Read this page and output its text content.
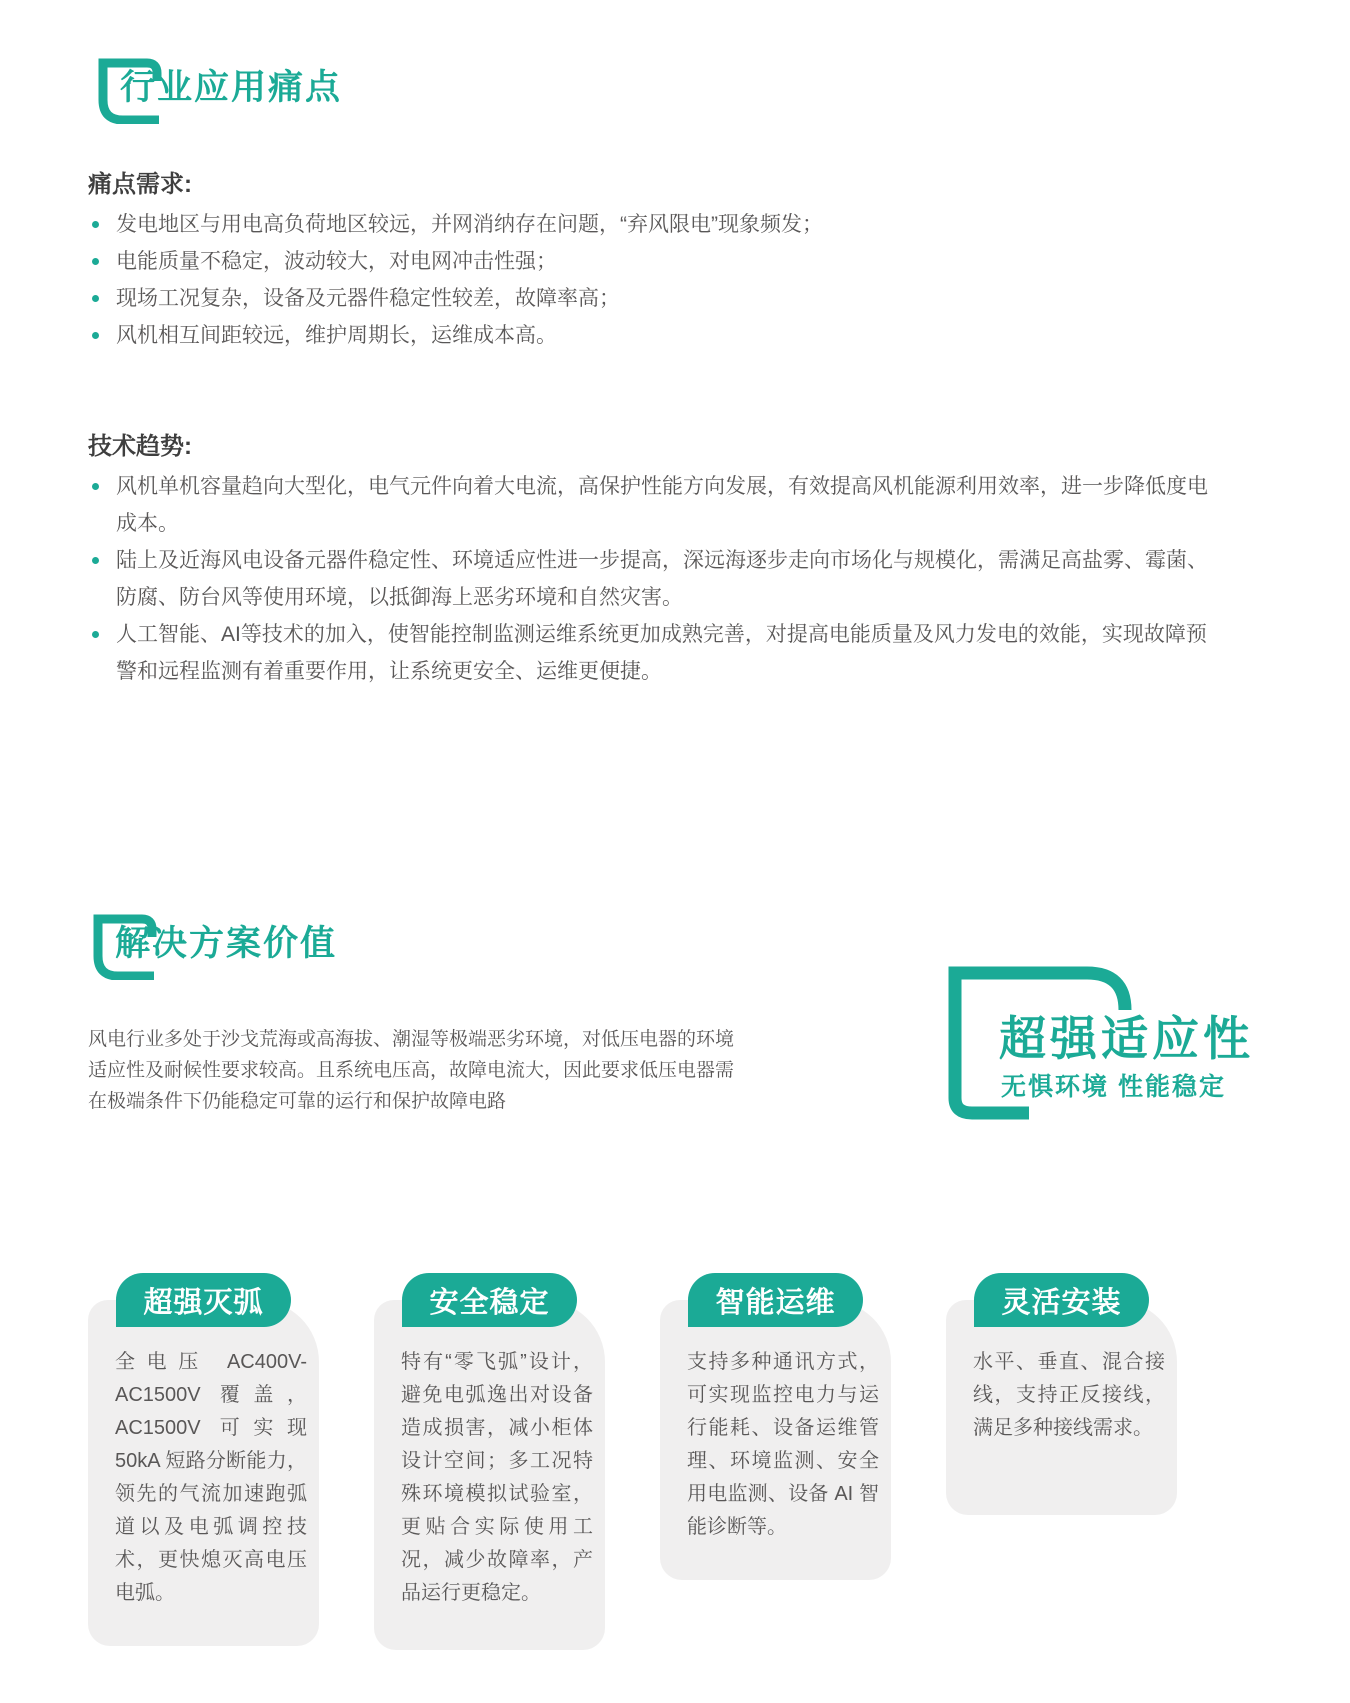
行业应用痛点
痛点需求:
发电地区与用电高负荷地区较远，并网消纳存在问题，“弃风限电”现象频发；
电能质量不稳定，波动较大，对电网冲击性强；
现场工况复杂，设备及元器件稳定性较差，故障率高；
风机相互间距较远，维护周期长，运维成本高。
技术趋势:
风机单机容量趋向大型化，电气元件向着大电流，高保护性能方向发展，有效提高风机能源利用效率，进一步降低度电成本。
陆上及近海风电设备元器件稳定性、环境适应性进一步提高，深远海逐步走向市场化与规模化，需满足高盐雾、霉菌、防腐、防台风等使用环境，以抵御海上恶劣环境和自然灾害。
人工智能、AI等技术的加入，使智能控制监测运维系统更加成熟完善，对提高电能质量及风力发电的效能，实现故障预警和远程监测有着重要作用，让系统更安全、运维更便捷。
解决方案价值

风电行业多处于沙戈荒海或高海拔、潮湿等极端恶劣环境，对低压电器的环境适应性及耐候性要求较高。且系统电压高，故障电流大，因此要求低压电器需在极端条件下仍能稳定可靠的运行和保护故障电路

超强适应性
无惧环境 性能稳定
超强灭弧
全电压 AC400V-AC1500V 覆盖，AC1500V 可实现 50kA 短路分断能力，领先的气流加速跑弧道以及电弧调控技术，更快熄灭高电压电弧。
安全稳定
特有“零飞弧”设计，避免电弧逸出对设备造成损害，减小柜体设计空间；多工况特殊环境模拟试验室，更贴合实际使用工况，减少故障率，产品运行更稳定。
智能运维
支持多种通讯方式，可实现监控电力与运行能耗、设备运维管理、环境监测、安全用电监测、设备 AI 智能诊断等。
灵活安装
水平、垂直、混合接线，支持正反接线，满足多种接线需求。
